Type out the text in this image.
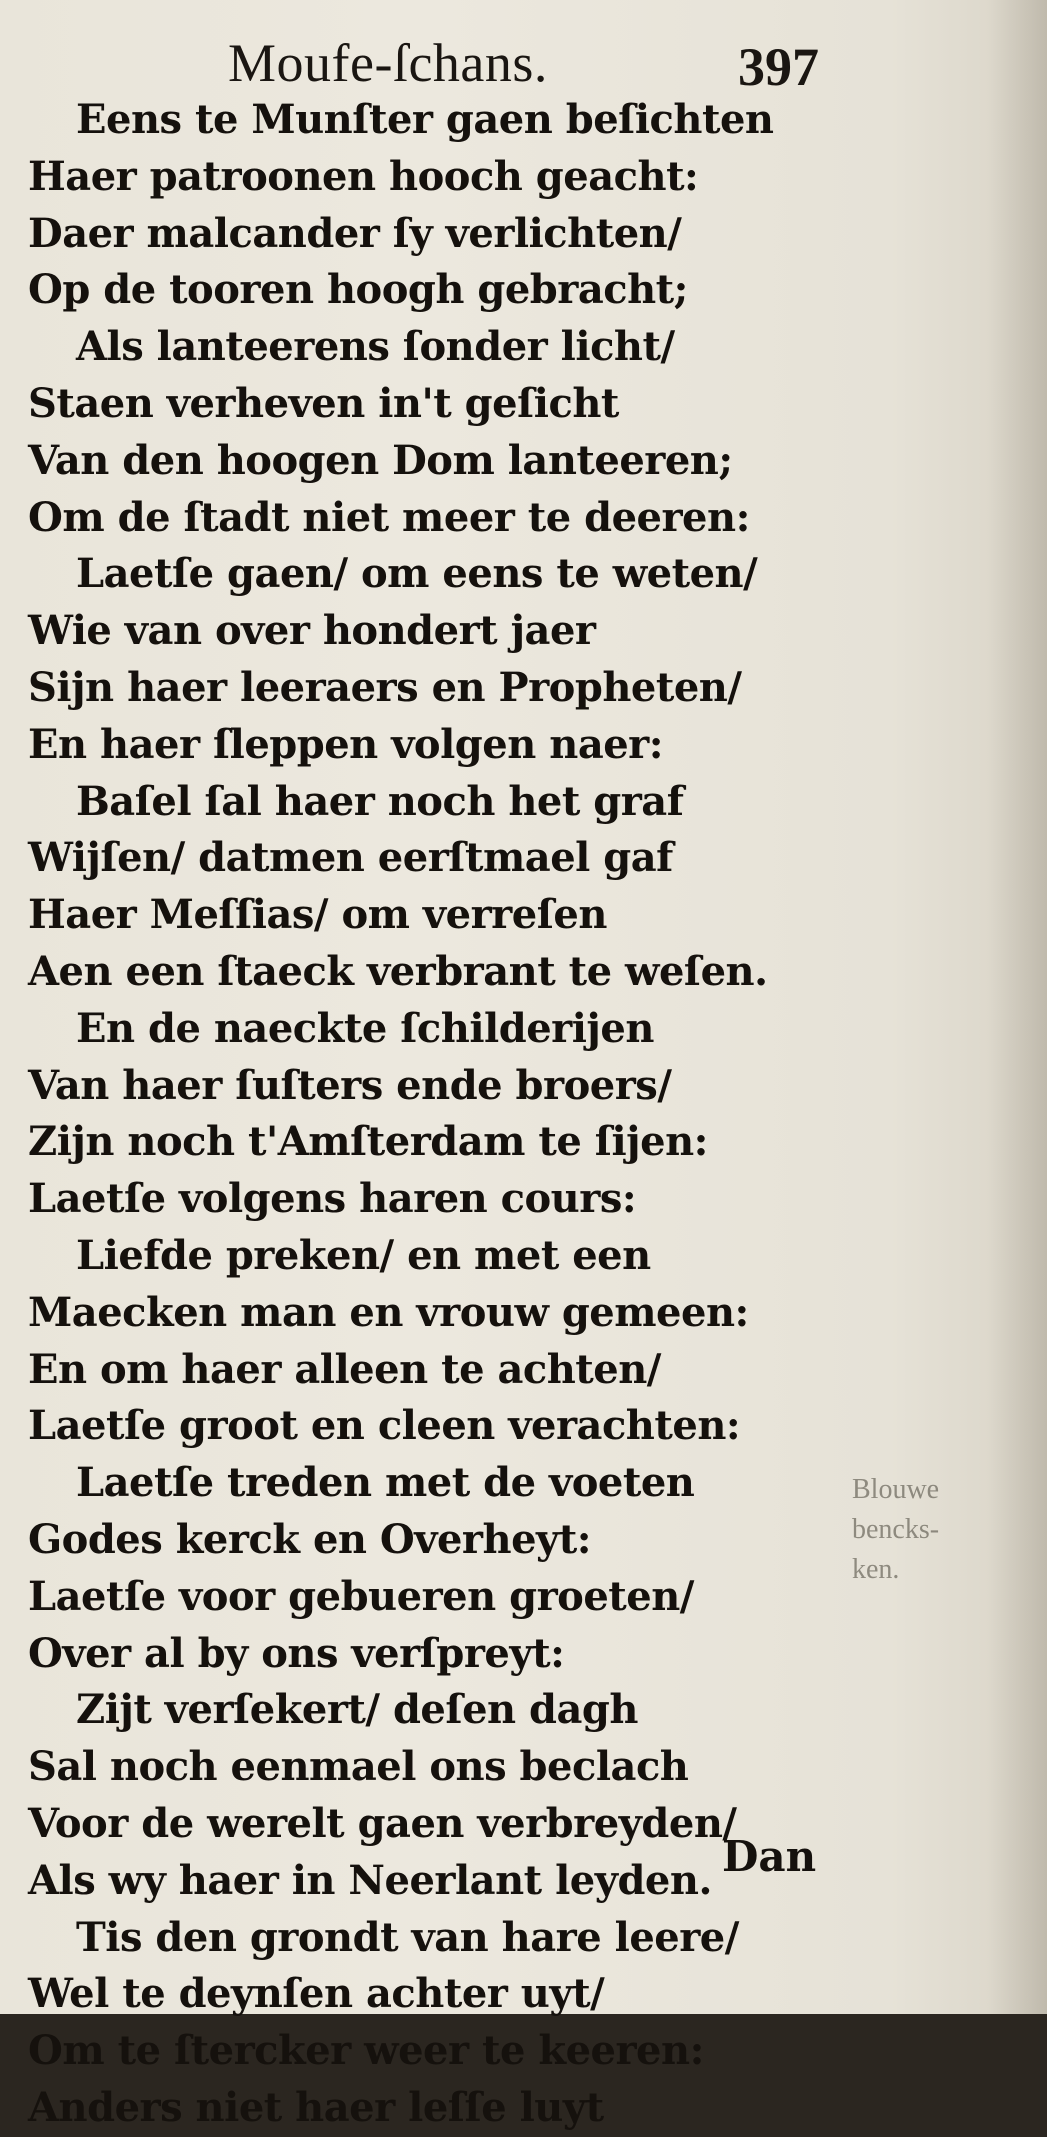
Moufe-ſchans.	397
Eens te Munſter gaen beſichten
Haer patroonen hooch geacht:
Daer malcander ſy verlichten/
Op de tooren hoogh gebracht;
Als lanteerens ſonder licht/
Staen verheven in't geſicht
Van den hoogen Dom lanteeren;
Om de ſtadt niet meer te deeren:
Laetſe gaen/ om eens te weten/
Wie van over hondert jaer
Sijn haer leeraers en Propheten/
En haer ſleppen volgen naer:
Baſel ſal haer noch het graf
Wijſen/ datmen eerſtmael gaf
Haer Meſſias/ om verreſen
Aen een ſtaeck verbrant te weſen.
En de naeckte ſchilderijen
Van haer ſuſters ende broers/
Zijn noch t'Amſterdam te ſijen:
Laetſe volgens haren cours:
Liefde preken/ en met een
Maecken man en vrouw gemeen:
En om haer alleen te achten/
Laetſe groot en cleen verachten:
Laetſe treden met de voeten
Godes kerck en Overheyt:
Laetſe voor gebueren groeten/
Over al by ons verſpreyt:
Zijt verſekert/ deſen dagh
Sal noch eenmael ons beclach
Voor de werelt gaen verbreyden/
Als wy haer in Neerlant leyden.
Tis den grondt van hare leere/
Wel te deynſen achter uyt/
Om te ſtercker weer te keeren:
Anders niet haer leſſe luyt
Blouwe
bencks-
ken.
Dan
